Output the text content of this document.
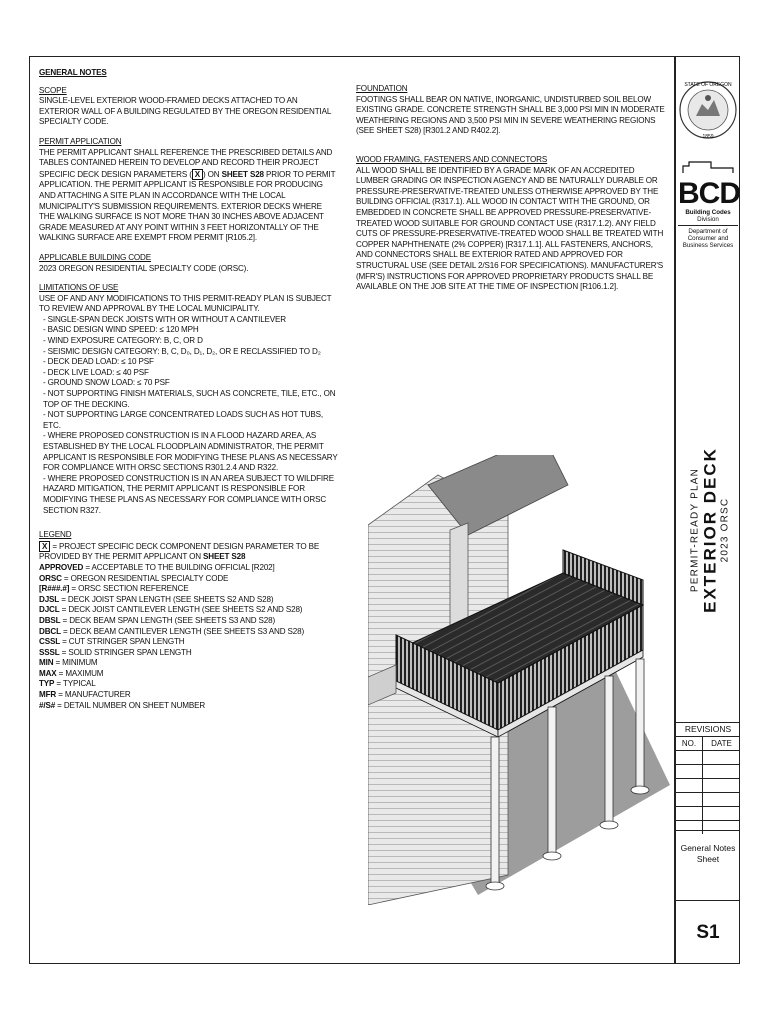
GENERAL NOTES

SCOPE

SINGLE-LEVEL EXTERIOR WOOD-FRAMED DECKS ATTACHED TO AN EXTERIOR WALL OF A BUILDING REGULATED BY THE OREGON RESIDENTIAL SPECIALTY CODE.

PERMIT APPLICATION

THE PERMIT APPLICANT SHALL REFERENCE THE PRESCRIBED DETAILS AND TABLES CONTAINED HEREIN TO DEVELOP AND RECORD THEIR PROJECT SPECIFIC DECK DESIGN PARAMETERS ( X ) ON SHEET S28 PRIOR TO PERMIT APPLICATION. THE PERMIT APPLICANT IS RESPONSIBLE FOR PRODUCING AND ATTACHING A SITE PLAN IN ACCORDANCE WITH THE LOCAL MUNICIPALITY'S SUBMISSION REQUIREMENTS. EXTERIOR DECKS WHERE THE WALKING SURFACE IS NOT MORE THAN 30 INCHES ABOVE ADJACENT GRADE MEASURED AT ANY POINT WITHIN 3 FEET HORIZONTALLY OF THE WALKING SURFACE ARE EXEMPT FROM PERMIT [R105.2].

APPLICABLE BUILDING CODE

2023 OREGON RESIDENTIAL SPECIALTY CODE (ORSC).

LIMITATIONS OF USE

USE OF AND ANY MODIFICATIONS TO THIS PERMIT-READY PLAN IS SUBJECT TO REVIEW AND APPROVAL BY THE LOCAL MUNICIPALITY.

- SINGLE-SPAN DECK JOISTS WITH OR WITHOUT A CANTILEVER

- BASIC DESIGN WIND SPEED: ≤ 120 MPH

- WIND EXPOSURE CATEGORY: B, C, OR D

- SEISMIC DESIGN CATEGORY: B, C, D₀, D₁, D₂, OR E RECLASSIFIED TO D₂

- DECK DEAD LOAD: ≤ 10 PSF

- DECK LIVE LOAD: ≤ 40 PSF

- GROUND SNOW LOAD: ≤ 70 PSF

- NOT SUPPORTING FINISH MATERIALS, SUCH AS CONCRETE, TILE, ETC., ON TOP OF THE DECKING.

- NOT SUPPORTING LARGE CONCENTRATED LOADS SUCH AS HOT TUBS, ETC.

- WHERE PROPOSED CONSTRUCTION IS IN A FLOOD HAZARD AREA, AS ESTABLISHED BY THE LOCAL FLOODPLAIN ADMINISTRATOR, THE PERMIT APPLICANT IS RESPONSIBLE FOR MODIFYING THESE PLANS AS NECESSARY FOR COMPLIANCE WITH ORSC SECTIONS R301.2.4 AND R322.

- WHERE PROPOSED CONSTRUCTION IS IN AN AREA SUBJECT TO WILDFIRE HAZARD MITIGATION, THE PERMIT APPLICANT IS RESPONSIBLE FOR MODIFYING THESE PLANS AS NECESSARY FOR COMPLIANCE WITH ORSC SECTION R327.

LEGEND

X = PROJECT SPECIFIC DECK COMPONENT DESIGN PARAMETER TO BE PROVIDED BY THE PERMIT APPLICANT ON SHEET S28

APPROVED = ACCEPTABLE TO THE BUILDING OFFICIAL [R202]

ORSC = OREGON RESIDENTIAL SPECIALTY CODE

[R###.#] = ORSC SECTION REFERENCE

DJSL = DECK JOIST SPAN LENGTH (SEE SHEETS S2 AND S28)

DJCL = DECK JOIST CANTILEVER LENGTH (SEE SHEETS S2 AND S28)

DBSL = DECK BEAM SPAN LENGTH (SEE SHEETS S3 AND S28)

DBCL = DECK BEAM CANTILEVER LENGTH (SEE SHEETS S3 AND S28)

CSSL = CUT STRINGER SPAN LENGTH

SSSL = SOLID STRINGER SPAN LENGTH

MIN = MINIMUM

MAX = MAXIMUM

TYP = TYPICAL

MFR = MANUFACTURER

#/S# = DETAIL NUMBER ON SHEET NUMBER

FOUNDATION

FOOTINGS SHALL BEAR ON NATIVE, INORGANIC, UNDISTURBED SOIL BELOW EXISTING GRADE. CONCRETE STRENGTH SHALL BE 3,000 PSI MIN IN MODERATE WEATHERING REGIONS AND 3,500 PSI MIN IN SEVERE WEATHERING REGIONS (SEE SHEET S28) [R301.2 AND R402.2].

WOOD FRAMING, FASTENERS AND CONNECTORS

ALL WOOD SHALL BE IDENTIFIED BY A GRADE MARK OF AN ACCREDITED LUMBER GRADING OR INSPECTION AGENCY AND BE NATURALLY DURABLE OR PRESSURE-PRESERVATIVE-TREATED UNLESS OTHERWISE APPROVED BY THE BUILDING OFFICIAL (R317.1). ALL WOOD IN CONTACT WITH THE GROUND, OR EMBEDDED IN CONCRETE SHALL BE APPROVED PRESSURE-PRESERVATIVE-TREATED WOOD SUITABLE FOR GROUND CONTACT USE (R317.1.2). ANY FIELD CUTS OF PRESSURE-PRESERVATIVE-TREATED WOOD SHALL BE TREATED WITH COPPER NAPHTHENATE (2% COPPER) [R317.1.1]. ALL FASTENERS, ANCHORS, AND CONNECTORS SHALL BE EXTERIOR RATED AND APPROVED FOR STRUCTURAL USE (SEE DETAIL 2/S16 FOR SPECIFICATIONS). MANUFACTURER'S (MFR'S) INSTRUCTIONS FOR APPROVED PROPRIETARY PRODUCTS SHALL BE AVAILABLE ON THE JOB SITE AT THE TIME OF INSPECTION [R106.1.2].

STATE OF OREGON
1859
BCD
Building Codes
Division
Department of Consumer and Business Services
PERMIT-READY PLAN EXTERIOR DECK 2023 ORSC
REVISIONS
NO.	DATE

General Notes Sheet
S1
